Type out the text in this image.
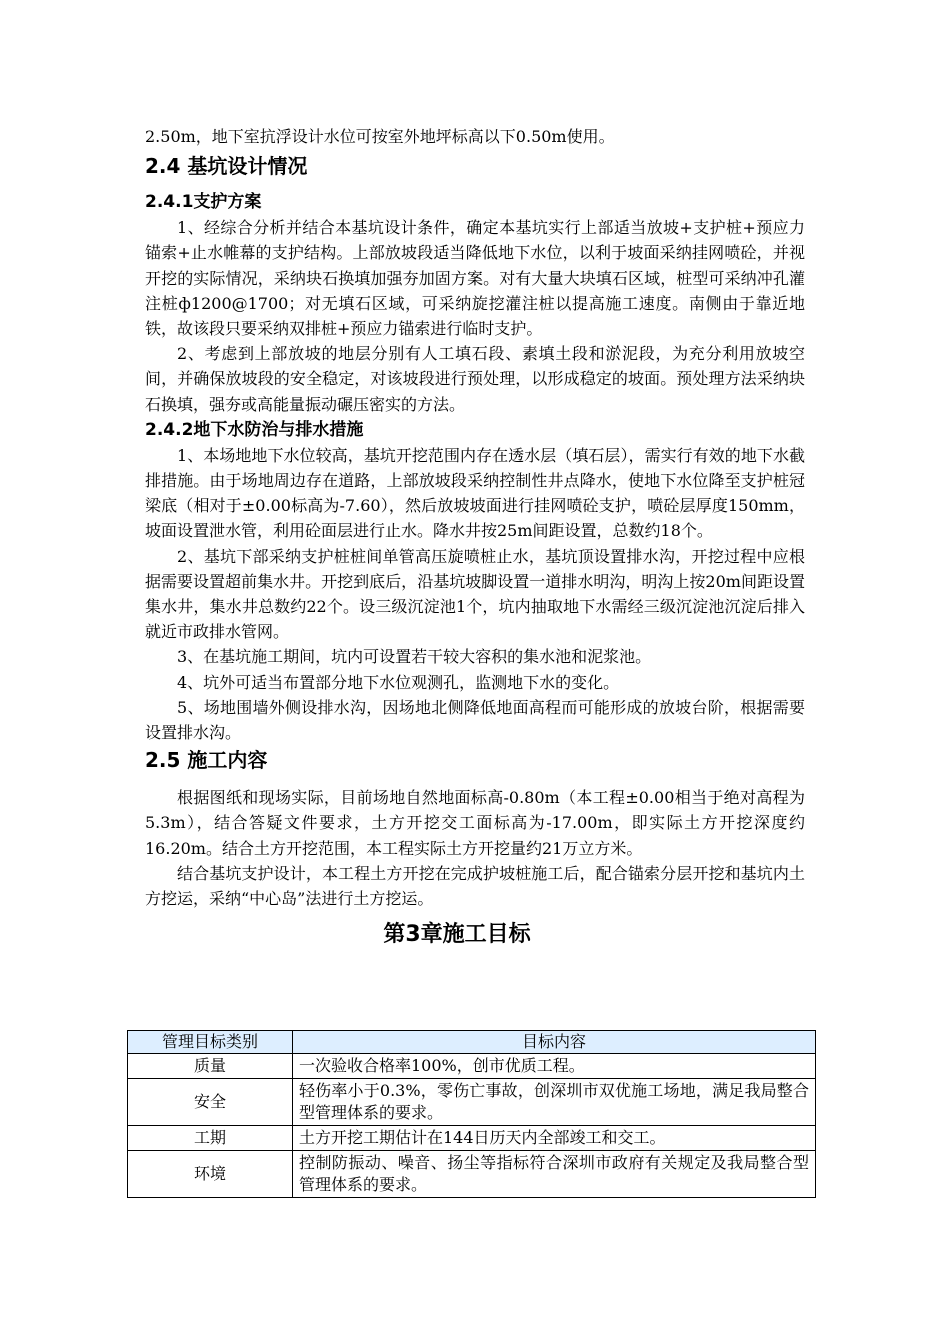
2.50m，地下室抗浮设计水位可按室外地坪标高以下0.50m使用。

2.4 基坑设计情况
2.4.1支护方案

1、经综合分析并结合本基坑设计条件，确定本基坑实行上部适当放坡+支护桩+预应力锚索+止水帷幕的支护结构。上部放坡段适当降低地下水位，以利于坡面采纳挂网喷砼，并视开挖的实际情况，采纳块石换填加强夯加固方案。对有大量大块填石区域，桩型可采纳冲孔灌注桩ф1200@1700；对无填石区域，可采纳旋挖灌注桩以提高施工速度。南侧由于靠近地铁，故该段只要采纳双排桩+预应力锚索进行临时支护。

2、考虑到上部放坡的地层分别有人工填石段、素填土段和淤泥段，为充分利用放坡空间，并确保放坡段的安全稳定，对该坡段进行预处理，以形成稳定的坡面。预处理方法采纳块石换填，强夯或高能量振动碾压密实的方法。

2.4.2地下水防治与排水措施

1、本场地地下水位较高，基坑开挖范围内存在透水层（填石层），需实行有效的地下水截排措施。由于场地周边存在道路，上部放坡段采纳控制性井点降水，使地下水位降至支护桩冠梁底（相对于±0.00标高为-7.60），然后放坡坡面进行挂网喷砼支护，喷砼层厚度150mm，坡面设置泄水管，利用砼面层进行止水。降水井按25m间距设置，总数约18个。

2、基坑下部采纳支护桩桩间单管高压旋喷桩止水，基坑顶设置排水沟，开挖过程中应根据需要设置超前集水井。开挖到底后，沿基坑坡脚设置一道排水明沟，明沟上按20m间距设置集水井，集水井总数约22个。设三级沉淀池1个，坑内抽取地下水需经三级沉淀池沉淀后排入就近市政排水管网。

3、在基坑施工期间，坑内可设置若干较大容积的集水池和泥浆池。

4、坑外可适当布置部分地下水位观测孔，监测地下水的变化。

5、场地围墙外侧设排水沟，因场地北侧降低地面高程而可能形成的放坡台阶，根据需要设置排水沟。

2.5 施工内容

根据图纸和现场实际，目前场地自然地面标高-0.80m（本工程±0.00相当于绝对高程为5.3m），结合答疑文件要求，土方开挖交工面标高为-17.00m，即实际土方开挖深度约16.20m。结合土方开挖范围，本工程实际土方开挖量约21万立方米。

结合基坑支护设计，本工程土方开挖在完成护坡桩施工后，配合锚索分层开挖和基坑内土方挖运，采纳“中心岛”法进行土方挖运。

第3章施工目标
管理目标类别	目标内容
质量	一次验收合格率100%，创市优质工程。
安全	轻伤率小于0.3%，零伤亡事故，创深圳市双优施工场地，满足我局整合型管理体系的要求。
工期	土方开挖工期估计在144日历天内全部竣工和交工。
环境	控制防振动、噪音、扬尘等指标符合深圳市政府有关规定及我局整合型管理体系的要求。
